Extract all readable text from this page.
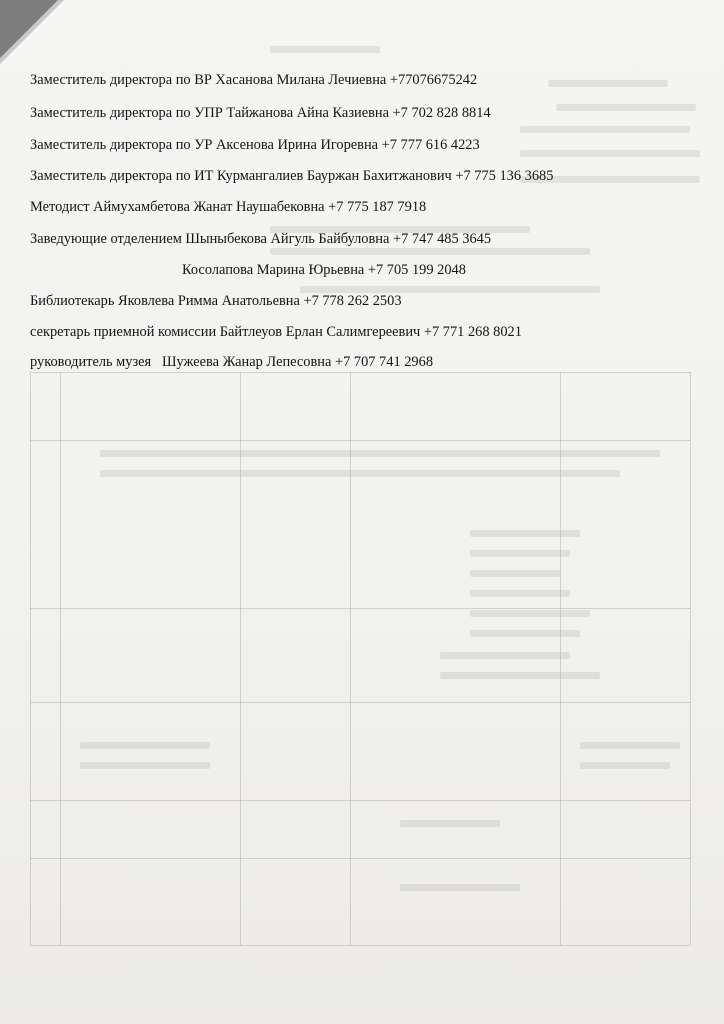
Заместитель директора по ВР Хасанова Милана Лечиевна +77076675242
Заместитель директора по УПР Тайжанова Айна Казиевна +7 702 828 8814
Заместитель директора по УР Аксенова Ирина Игоревна +7 777 616 4223
Заместитель директора по ИТ Курмангалиев Бауржан Бахитжанович +7 775 136 3685
Методист Аймухамбетова Жанат Наушабековна +7 775 187 7918
Заведующие отделением Шыныбекова Айгуль Байбуловна +7 747 485 3645
Косолапова Марина Юрьевна +7 705 199 2048
Библиотекарь Яковлева Римма Анатольевна +7 778 262 2503
секретарь приемной комиссии Байтлеуов Ерлан Салимгереевич +7 771 268 8021
руководитель музея   Шужеева Жанар Лепесовна +7 707 741 2968
